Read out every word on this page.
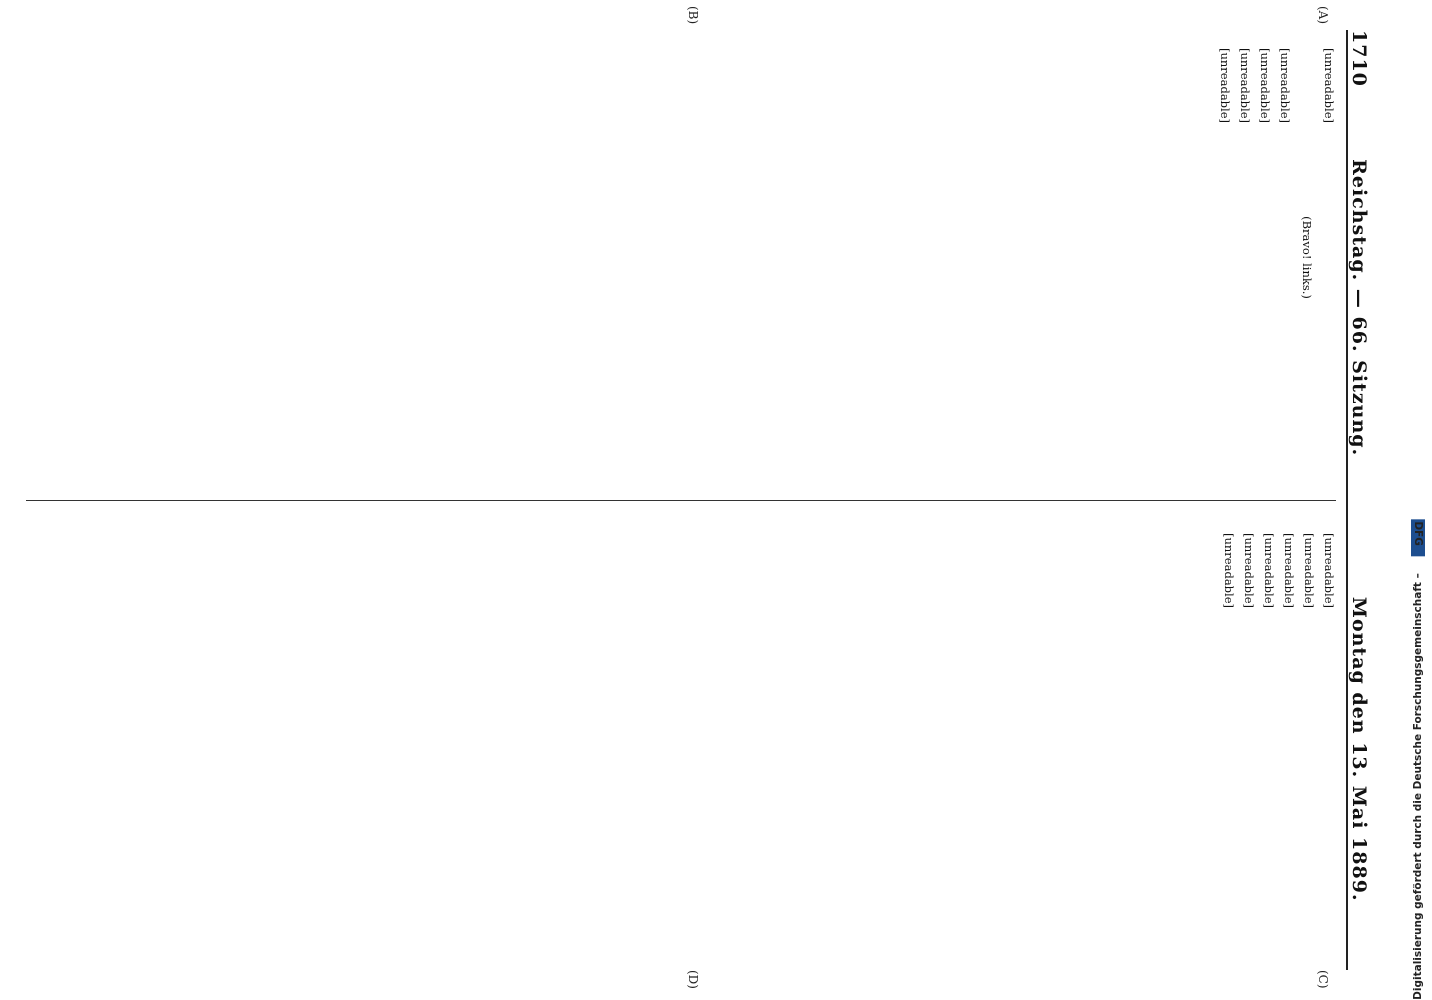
1710
Reichstag. — 66. Sitzung.
Montag den 13. Mai 1889.
(A)
(B)
(C)
(D)

[unreadable]

(Bravo! links.)

[unreadable]

[unreadable]

[unreadable]

[unreadable]

[unreadable]

[unreadable]

[unreadable]

[unreadable]

[unreadable]

[unreadable]

Digitalisierung gefördert durch die Deutsche Forschungsgemeinschaft – DFG
